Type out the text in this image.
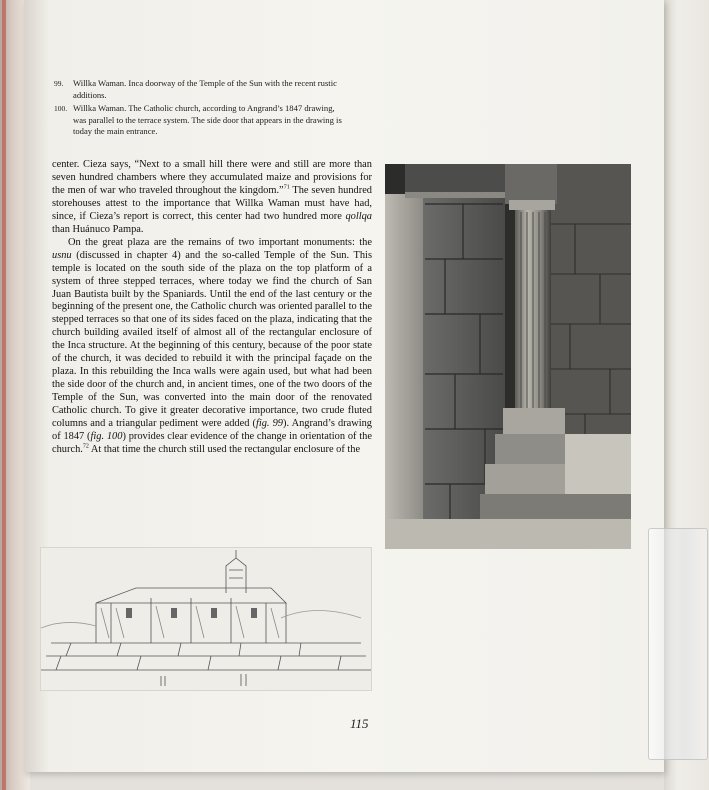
99. Willka Waman. Inca doorway of the Temple of the Sun with the recent rustic additions.
100. Willka Waman. The Catholic church, according to Angrand’s 1847 drawing, was parallel to the terrace system. The side door that appears in the drawing is today the main entrance.

center. Cieza says, “Next to a small hill there were and still are more than seven hundred chambers where they accumulated maize and provisions for the men of war who traveled throughout the kingdom.”$^{71}$ The seven hundred storehouses attest to the importance that Willka Waman must have had, since, if Cieza’s report is correct, this center had two hundred more qollqa than Huánuco Pampa.

On the great plaza are the remains of two important monuments: the usnu (discussed in chapter 4) and the so-called Temple of the Sun. This temple is located on the south side of the plaza on the top platform of a system of three stepped terraces, where today we find the church of San Juan Bautista built by the Spaniards. Until the end of the last century or the beginning of the present one, the Catholic church was oriented parallel to the stepped terraces so that one of its sides faced on the plaza, indicating that the church building availed itself of almost all of the rectangular enclosure of the Inca structure. At the beginning of this century, because of the poor state of the church, it was decided to rebuild it with the principal façade on the plaza. In this rebuilding the Inca walls were again used, but what had been the side door of the church and, in ancient times, one of the two doors of the Temple of the Sun, was converted into the main door of the renovated Catholic church. To give it greater decorative importance, two crude fluted columns and a triangular pediment were added (fig. 99). Angrand’s drawing of 1847 (fig. 100) provides clear evidence of the change in orientation of the church.$^{72}$ At that time the church still used the rectangular enclosure of the

115
